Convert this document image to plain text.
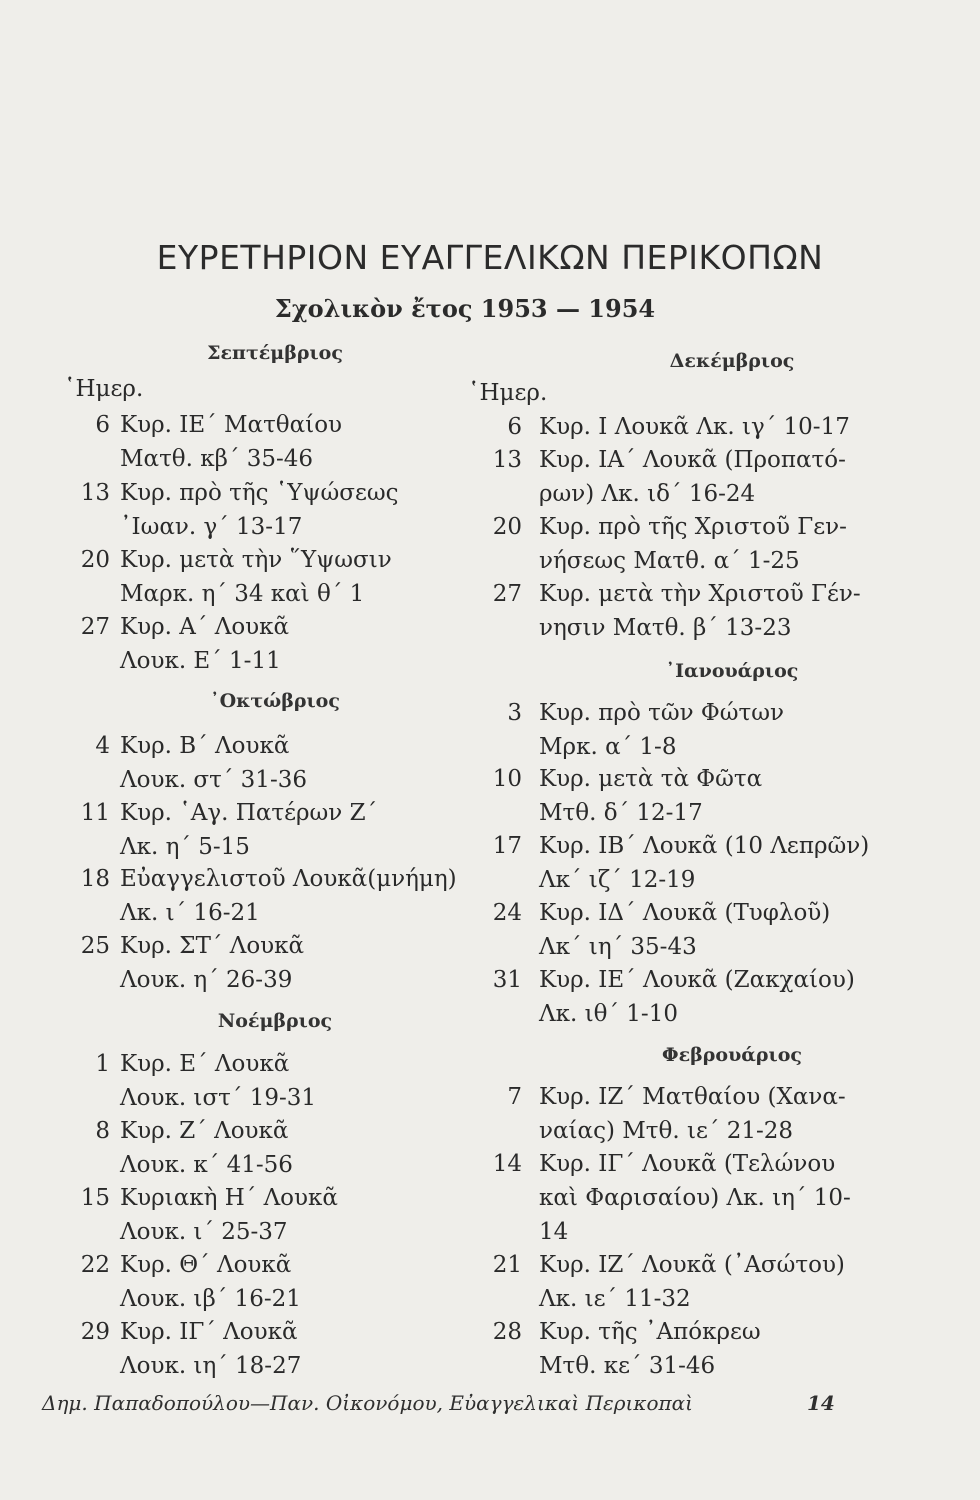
ΕΥΡΕΤΗΡΙΟΝ ΕΥΑΓΓΕΛΙΚΩΝ ΠΕΡΙΚΟΠΩΝ
Σχολικὸν ἔτος 1953 — 1954
Σεπτέμβριος
῾Ημερ.
6 Κυρ. ΙΕ΄ Ματθαίου
Ματθ. κβ΄ 35-46
13 Κυρ. πρὸ τῆς ῾Υψώσεως
᾿Ιωαν. γ΄ 13-17
20 Κυρ. μετὰ τὴν ῞Υψωσιν
Μαρκ. η΄ 34 καὶ θ΄ 1
27 Κυρ. Α΄ Λουκᾶ
Λουκ. Ε΄ 1-11
᾿Οκτώβριος
4 Κυρ. Β΄ Λουκᾶ
Λουκ. στ΄ 31-36
11 Κυρ. ῾Αγ. Πατέρων Ζ΄
Λκ. η΄ 5-15
18 Εὐαγγελιστοῦ Λουκᾶ(μνήμη)
Λκ. ι΄ 16-21
25 Κυρ. ΣΤ΄ Λουκᾶ
Λουκ. η΄ 26-39
Νοέμβριος
1 Κυρ. Ε΄ Λουκᾶ
Λουκ. ιστ΄ 19-31
8 Κυρ. Ζ΄ Λουκᾶ
Λουκ. κ΄ 41-56
15 Κυριακὴ Η΄ Λουκᾶ
Λουκ. ι΄ 25-37
22 Κυρ. Θ΄ Λουκᾶ
Λουκ. ιβ΄ 16-21
29 Κυρ. ΙΓ΄ Λουκᾶ
Λουκ. ιη΄ 18-27
Δεκέμβριος
῾Ημερ.
6 Κυρ. Ι Λουκᾶ Λκ. ιγ΄ 10-17
13 Κυρ. ΙΑ΄ Λουκᾶ (Προπατό-
ρων) Λκ. ιδ΄ 16-24
20 Κυρ. πρὸ τῆς Χριστοῦ Γεν-
νήσεως Ματθ. α΄ 1-25
27 Κυρ. μετὰ τὴν Χριστοῦ Γέν-
νησιν Ματθ. β΄ 13-23
᾿Ιανουάριος
3 Κυρ. πρὸ τῶν Φώτων
Μρκ. α΄ 1-8
10 Κυρ. μετὰ τὰ Φῶτα
Μτθ. δ΄ 12-17
17 Κυρ. ΙΒ΄ Λουκᾶ (10 Λεπρῶν)
Λκ΄ ιζ΄ 12-19
24 Κυρ. ΙΔ΄ Λουκᾶ (Τυφλοῦ)
Λκ΄ ιη΄ 35-43
31 Κυρ. ΙΕ΄ Λουκᾶ (Ζακχαίου)
Λκ. ιθ΄ 1-10
Φεβρουάριος
7 Κυρ. ΙΖ΄ Ματθαίου (Χανα-
ναίας) Μτθ. ιε΄ 21-28
14 Κυρ. ΙΓ΄ Λουκᾶ (Τελώνου
καὶ Φαρισαίου) Λκ. ιη΄ 10-
14
21 Κυρ. ΙΖ΄ Λουκᾶ (᾿Ασώτου)
Λκ. ιε΄ 11-32
28 Κυρ. τῆς ᾿Απόκρεω
Μτθ. κε΄ 31-46
Δημ. Παπαδοπούλου—Παν. Οἰκονόμου, Εὐαγγελικαὶ Περικοπαὶ	14
